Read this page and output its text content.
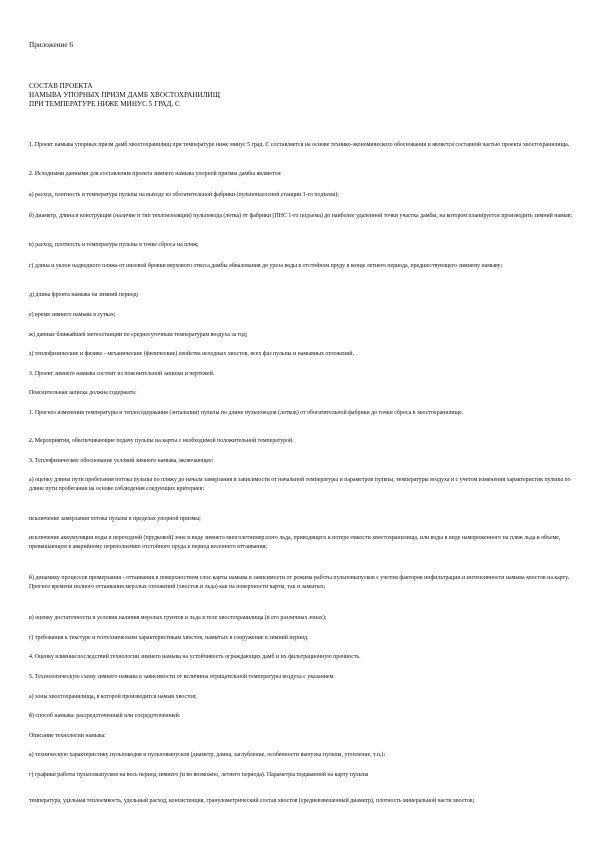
Приложение 6
СОСТАВ ПРОЕКТА
НАМЫВА УПОРНЫХ ПРИЗМ ДАМБ ХВОСТОХРАНИЛИЩ
ПРИ ТЕМПЕРАТУРЕ НИЖЕ МИНУС 5 ГРАД. С

1. Проект намыва упорных призм дамб хвостохранилищ при температуре ниже минус 5 град. С составляется на основе технико-экономического обоснования и является составной частью проекта хвостохранилища.

2. Исходными данными для составления проекта зимнего намыва упорной призмы дамбы являются:

а) расход, плотность и температура пульпы на выходе из обогатительной фабрики (пульпонасосной станции 1-го подъема);

б) диаметр, длина и конструкция (наличие и тип теплоизоляции) пульповода (лотка) от фабрики (ПНС 1-го подъема) до наиболее удаленной точки участка дамбы, на котором планируется производить зимний намыв;

в) расход, плотность и температура пульпы в точке сброса на пляж;

г) длина и уклон надводного пляжа от низовой бровки верхового откоса дамбы обвалования до уреза воды в отстойном пруду в конце летнего периода, предшествующего зимнему намыву;

д) длина фронта намыва на зимний период;

е) время зимнего намыва в сутках;

ж) данные ближайшей метеостанции по среднесуточным температурам воздуха за год;

з) теплофизические и физико - механические (физические) свойства исходных хвостов, всех фаз пульпы и намывных отложений.

3. Проект зимнего намыва состоит из пояснительной записки и чертежей.

Пояснительная записка должна содержать:

1. Прогноз изменения температуры и теплосодержания (энтальпии) пульпы по длине пульповодов (лотков) от обогатительной фабрики до точки сброса в хвостохранилище.

2. Мероприятия, обеспечивающие подачу пульпы на карты с необходимой положительной температурой.

3. Теплофизическое обоснование условий зимнего намыва, включающее:

а) оценку длины пути пробегания потока пульпы по пляжу до начала замерзания в зависимости от начальной температуры и параметров пульпы, температуры воздуха и с учетом изменения характеристик пульпы по длине пути пробегания на основе соблюдения следующих критериев:

исключение замерзания потока пульпы в пределах упорной призмы;

исключение аккумуляции воды в переходной (прудковой) зоне в виде зимнего многолетнемерзлого льда, приводящего к потере емкости хвостохранилища, или воды в виде намороженного на пляж льда в объеме, превышающем в аварийному переполнению отстойного пруда в период весеннего оттаивания;

б) динамику процессов промерзания - оттаивания в поверхностном слое карты намыва в зависимости от режима работы пульповыпусков с учетом факторов инфильтрации и интенсивности намыва хвостов на карту. Прогноз времени полного оттаивания мерзлых отложений (хвостов и льда) как на поверхности карты, так и замытых;

в) оценку достаточности и условия наличия мерзлых грунтов и льда в теле хвостохранилища (в его различных зонах);

г) требования к текстуре и геотехническим характеристикам хвостов, намытых в сооружение в зимний период.

4. Оценку влияния последствий технологии зимнего намыва на устойчивость ограждающих дамб и их фильтрационную прочность.

5. Технологическую схему зимнего намыва в зависимости от величины отрицательной температуры воздуха с указанием:

а) зоны хвостохранилища, в которой производится намыв хвостов;

б) способ намыва: рассредоточенный или сосредоточенный.

Описание технологии намыва:

а) техническую характеристику пульповодов и пульповыпусков (диаметр, длина, заглубление, особенности выпуска пульпы, утепление, т.п.);

г) графики работы пульповыпусков на весь период зимнего (и во возможно, летнего периода). Параметры подаваемой на карту пульпы

температура, удельная теплоемкость, удельный расход, консистенция, гранулометрический состав хвостов (средневзвешенный диаметр), плотность минеральной части хвостов;
